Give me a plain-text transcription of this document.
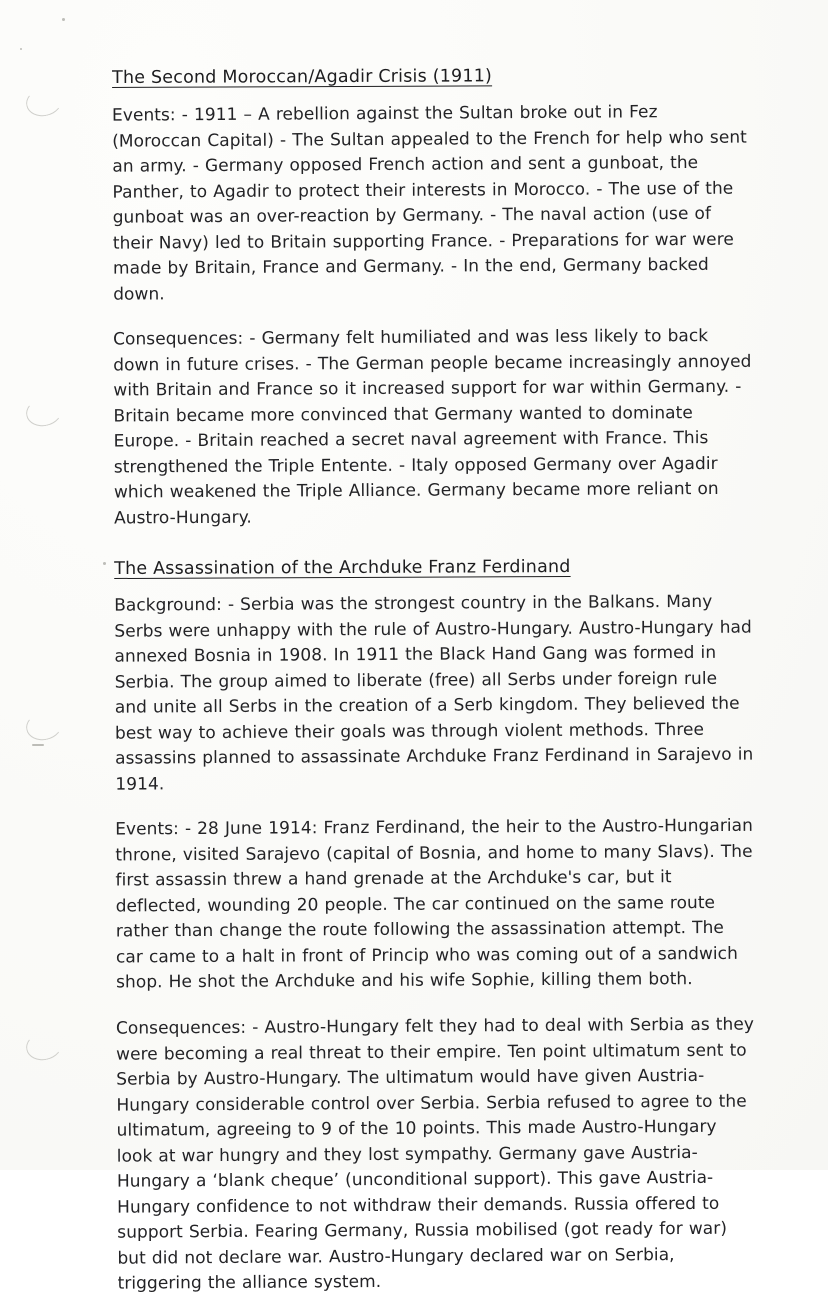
The Second Moroccan/Agadir Crisis (1911)

Events: - 1911 – A rebellion against the Sultan broke out in Fez (Moroccan Capital) - The Sultan appealed to the French for help who sent an army. - Germany opposed French action and sent a gunboat, the Panther, to Agadir to protect their interests in Morocco. - The use of the gunboat was an over-reaction by Germany. - The naval action (use of their Navy) led to Britain supporting France. - Preparations for war were made by Britain, France and Germany. - In the end, Germany backed down.

Consequences: - Germany felt humiliated and was less likely to back down in future crises. - The German people became increasingly annoyed with Britain and France so it increased support for war within Germany. - Britain became more convinced that Germany wanted to dominate Europe. - Britain reached a secret naval agreement with France. This strengthened the Triple Entente. - Italy opposed Germany over Agadir which weakened the Triple Alliance. Germany became more reliant on Austro-Hungary.

The Assassination of the Archduke Franz Ferdinand

Background: - Serbia was the strongest country in the Balkans. Many Serbs were unhappy with the rule of Austro-Hungary. Austro-Hungary had annexed Bosnia in 1908. In 1911 the Black Hand Gang was formed in Serbia. The group aimed to liberate (free) all Serbs under foreign rule and unite all Serbs in the creation of a Serb kingdom. They believed the best way to achieve their goals was through violent methods. Three assassins planned to assassinate Archduke Franz Ferdinand in Sarajevo in 1914.

Events: - 28 June 1914: Franz Ferdinand, the heir to the Austro-Hungarian throne, visited Sarajevo (capital of Bosnia, and home to many Slavs). The first assassin threw a hand grenade at the Archduke's car, but it deflected, wounding 20 people. The car continued on the same route rather than change the route following the assassination attempt. The car came to a halt in front of Princip who was coming out of a sandwich shop. He shot the Archduke and his wife Sophie, killing them both.

Consequences: - Austro-Hungary felt they had to deal with Serbia as they were becoming a real threat to their empire. Ten point ultimatum sent to Serbia by Austro-Hungary. The ultimatum would have given Austria-Hungary considerable control over Serbia. Serbia refused to agree to the ultimatum, agreeing to 9 of the 10 points. This made Austro-Hungary look at war hungry and they lost sympathy. Germany gave Austria-Hungary a ‘blank cheque’ (unconditional support). This gave Austria- Hungary confidence to not withdraw their demands. Russia offered to support Serbia. Fearing Germany, Russia mobilised (got ready for war) but did not declare war. Austro-Hungary declared war on Serbia, triggering the alliance system.
